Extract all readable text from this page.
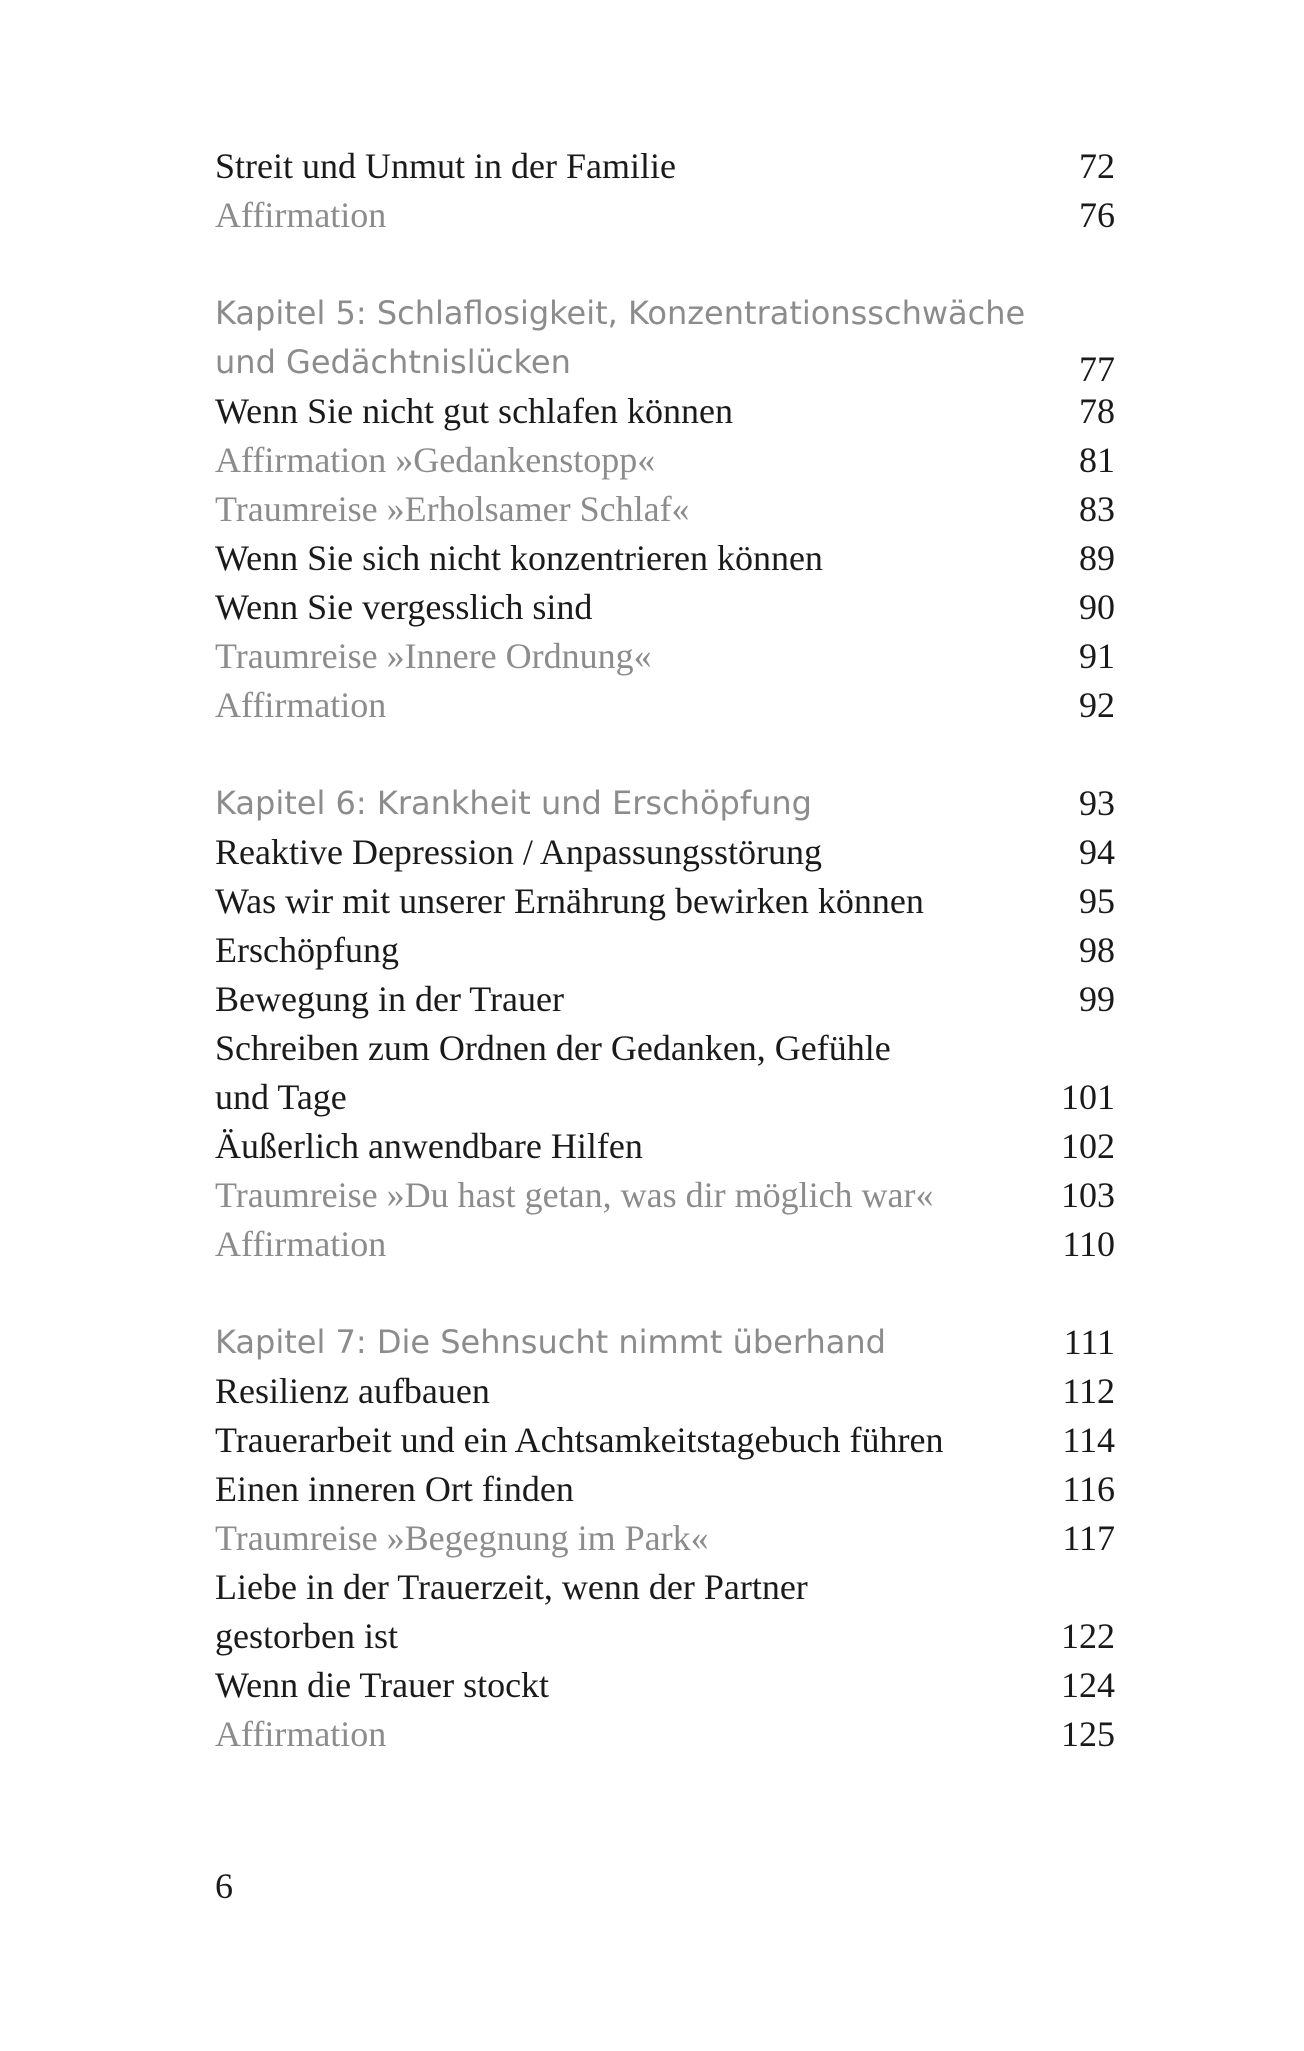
Streit und Unmut in der Familie	72
Affirmation	76
Kapitel 5: Schlaflosigkeit, Konzentrationsschwäche
und Gedächtnislücken	77
Wenn Sie nicht gut schlafen können	78
Affirmation »Gedankenstopp«	81
Traumreise »Erholsamer Schlaf«	83
Wenn Sie sich nicht konzentrieren können	89
Wenn Sie vergesslich sind	90
Traumreise »Innere Ordnung«	91
Affirmation	92
Kapitel 6: Krankheit und Erschöpfung	93
Reaktive Depression / Anpassungsstörung	94
Was wir mit unserer Ernährung bewirken können	95
Erschöpfung	98
Bewegung in der Trauer	99
Schreiben zum Ordnen der Gedanken, Gefühle
und Tage	101
Äußerlich anwendbare Hilfen	102
Traumreise »Du hast getan, was dir möglich war«	103
Affirmation	110
Kapitel 7: Die Sehnsucht nimmt überhand	111
Resilienz aufbauen	112
Trauerarbeit und ein Achtsamkeitstagebuch führen	114
Einen inneren Ort finden	116
Traumreise »Begegnung im Park«	117
Liebe in der Trauerzeit, wenn der Partner
gestorben ist	122
Wenn die Trauer stockt	124
Affirmation	125
6
